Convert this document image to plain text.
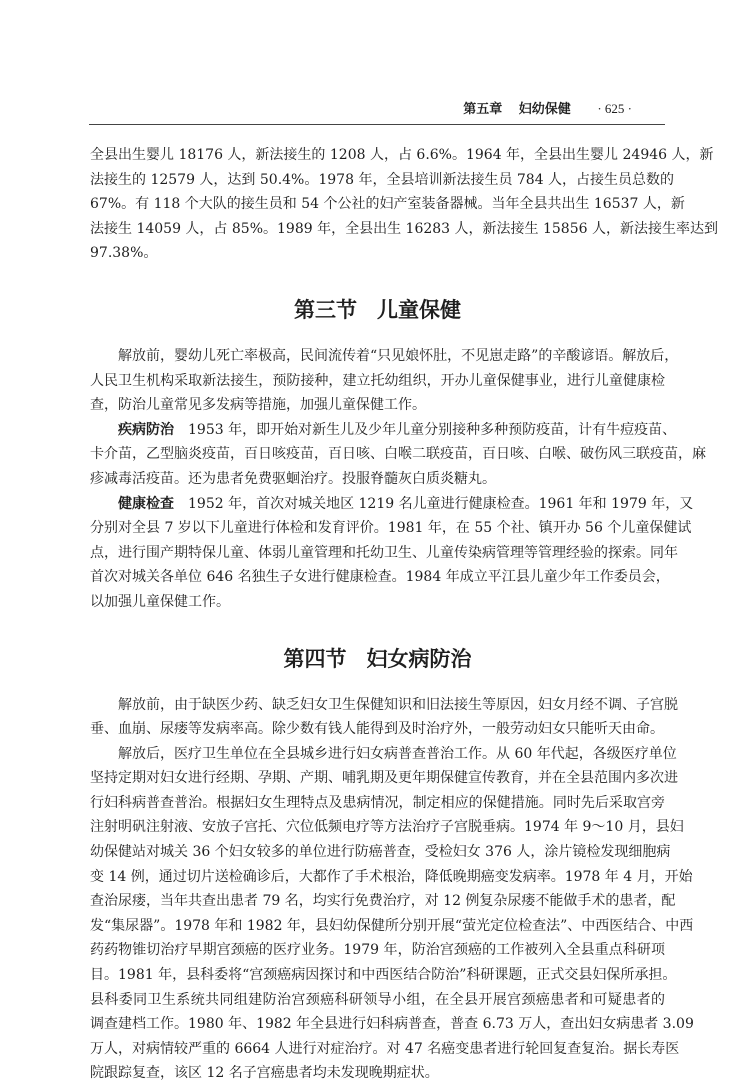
第五章 妇幼保健 · 625 ·
全县出生婴儿 18176 人，新法接生的 1208 人，占 6.6%。1964 年，全县出生婴儿 24946 人，新
法接生的 12579 人，达到 50.4%。1978 年，全县培训新法接生员 784 人，占接生员总数的
67%。有 118 个大队的接生员和 54 个公社的妇产室装备器械。当年全县共出生 16537 人，新
法接生 14059 人，占 85%。1989 年，全县出生 16283 人，新法接生 15856 人，新法接生率达到
97.38%。
第三节 儿童保健
解放前，婴幼儿死亡率极高，民间流传着“只见娘怀肚，不见崽走路”的辛酸谚语。解放后，
人民卫生机构采取新法接生，预防接种，建立托幼组织，开办儿童保健事业，进行儿童健康检
查，防治儿童常见多发病等措施，加强儿童保健工作。
疾病防治 1953 年，即开始对新生儿及少年儿童分别接种多种预防疫苗，计有牛痘疫苗、
卡介苗，乙型脑炎疫苗，百日咳疫苗，百日咳、白喉二联疫苗，百日咳、白喉、破伤风三联疫苗，麻
疹减毒活疫苗。还为患者免费驱蛔治疗。投服脊髓灰白质炎糖丸。
健康检查 1952 年，首次对城关地区 1219 名儿童进行健康检查。1961 年和 1979 年，又
分别对全县 7 岁以下儿童进行体检和发育评价。1981 年，在 55 个社、镇开办 56 个儿童保健试
点，进行围产期特保儿童、体弱儿童管理和托幼卫生、儿童传染病管理等管理经验的探索。同年
首次对城关各单位 646 名独生子女进行健康检查。1984 年成立平江县儿童少年工作委员会，
以加强儿童保健工作。
第四节 妇女病防治
解放前，由于缺医少药、缺乏妇女卫生保健知识和旧法接生等原因，妇女月经不调、子宫脱
垂、血崩、尿瘘等发病率高。除少数有钱人能得到及时治疗外，一般劳动妇女只能听天由命。
解放后，医疗卫生单位在全县城乡进行妇女病普查普治工作。从 60 年代起，各级医疗单位
坚持定期对妇女进行经期、孕期、产期、哺乳期及更年期保健宣传教育，并在全县范围内多次进
行妇科病普查普治。根据妇女生理特点及患病情况，制定相应的保健措施。同时先后采取宫旁
注射明矾注射液、安放子宫托、穴位低频电疗等方法治疗子宫脱垂病。1974 年 9～10 月，县妇
幼保健站对城关 36 个妇女较多的单位进行防癌普查，受检妇女 376 人，涂片镜检发现细胞病
变 14 例，通过切片送检确诊后，大都作了手术根治，降低晚期癌变发病率。1978 年 4 月，开始
查治尿瘘，当年共查出患者 79 名，均实行免费治疗，对 12 例复杂尿瘘不能做手术的患者，配
发“集尿器”。1978 年和 1982 年，县妇幼保健所分别开展“萤光定位检查法”、中西医结合、中西
药药物锥切治疗早期宫颈癌的医疗业务。1979 年，防治宫颈癌的工作被列入全县重点科研项
目。1981 年，县科委将“宫颈癌病因探讨和中西医结合防治”科研课题，正式交县妇保所承担。
县科委同卫生系统共同组建防治宫颈癌科研领导小组，在全县开展宫颈癌患者和可疑患者的
调查建档工作。1980 年、1982 年全县进行妇科病普查，普查 6.73 万人，查出妇女病患者 3.09
万人，对病情较严重的 6664 人进行对症治疗。对 47 名癌变患者进行轮回复查复治。据长寿医
院跟踪复查，该区 12 名子宫癌患者均未发现晚期症状。
